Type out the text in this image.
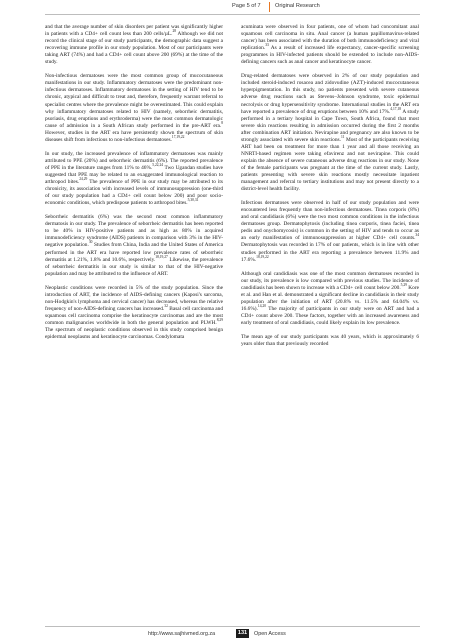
Page 5 of 7	Original Research

and that the average number of skin disorders per patient was significantly higher in patients with a CD4+ cell count less than 200 cells/µL.$^{28}$ Although we did not record the clinical stage of our study participants, the demographic data suggest a recovering immune profile in our study population. Most of our participants were taking ART (74%) and had a CD4+ cell count above 200 (69%) at the time of the study.

Non-infectious dermatoses were the most common group of mucocutaneous manifestations in our study. Inflammatory dermatoses were the predominant non-infectious dermatoses. Inflammatory dermatoses in the setting of HIV tend to be chronic, atypical and difficult to treat and, therefore, frequently warrant referral to specialist centres where the prevalence might be overestimated. This could explain why inflammatory dermatoses related to HIV (namely, seborrheic dermatitis, psoriasis, drug eruptions and erythroderma) were the most common dermatologic cause of admission in a South African study performed in the pre-ART era.$^8$ However, studies in the ART era have persistently shown the spectrum of skin diseases shift from infectious to non-infectious dermatoses.$^{17,19,22}$

In our study, the increased prevalence of inflammatory dermatoses was mainly attributed to PPE (20%) and seborrheic dermatitis (6%). The reported prevalence of PPE in the literature ranges from 11% to 46%.$^{5,22,24}$ Two Ugandan studies have suggested that PPE may be related to an exaggerated immunological reaction to arthropod bites.$^{24,29}$ The prevalence of PPE in our study may be attributed to its chronicity, its association with increased levels of immunosuppression (one-third of our study population had a CD4+ cell count below 200) and poor socio-economic conditions, which predispose patients to arthropod bites.$^{5,30,31}$

Seborrheic dermatitis (6%) was the second most common inflammatory dermatosis in our study. The prevalence of seborrheic dermatitis has been reported to be 40% in HIV-positive patients and as high as 80% in acquired immunodeficiency syndrome (AIDS) patients in comparison with 3% in the HIV-negative population.$^{30}$ Studies from China, India and the United States of America performed in the ART era have reported low prevalence rates of seborrheic dermatitis at 1.21%, 1.8% and 10.6%, respectively.$^{18,19,27}$ Likewise, the prevalence of seborrheic dermatitis in our study is similar to that of the HIV-negative population and may be attributed to the influence of ART.

Neoplastic conditions were recorded in 5% of the study population. Since the introduction of ART, the incidence of AIDS-defining cancers (Kaposi's sarcoma, non-Hodgkin's lymphoma and cervical cancer) has decreased, whereas the relative frequency of non-AIDS-defining cancers has increased.$^{32}$ Basal cell carcinoma and squamous cell carcinoma comprise the keratinocyte carcinomas and are the most common malignancies worldwide in both the general population and PLWH.$^{8,29}$ The spectrum of neoplastic conditions observed in this study comprised benign epidermal neoplasms and keratinocyte carcinomas. Condylomata

acuminata were observed in four patients, one of whom had concomitant anal squamous cell carcinoma in situ. Anal cancer (a human papillomavirus-related cancer) has been associated with the duration of both immunodeficiency and viral replication.$^{33}$ As a result of increased life expectancy, cancer-specific screening programmes in HIV-infected patients should be extended to include non-AIDS-defining cancers such as anal cancer and keratinocyte cancer.

Drug-related dermatoses were observed in 2% of our study population and included steroid-induced rosacea and zidovudine (AZT)-induced mucocutaneous hyperpigmentation. In this study, no patients presented with severe cutaneous adverse drug reactions such as Stevens–Johnson syndrome, toxic epidermal necrolysis or drug hypersensitivity syndrome. International studies in the ART era have reported a prevalence of drug eruptions between 10% and 17%.$^{4,17,18}$ A study performed in a tertiary hospital in Cape Town, South Africa, found that most severe skin reactions resulting in admission occurred during the first 2 months after combination ART initiation. Nevirapine and pregnancy are also known to be strongly associated with severe skin reactions.$^{11}$ Most of the participants receiving ART had been on treatment for more than 1 year and all those receiving an NNRTI-based regimen were taking efavirenz and not nevirapine. This could explain the absence of severe cutaneous adverse drug reactions in our study. None of the female participants was pregnant at the time of the current study. Lastly, patients presenting with severe skin reactions mostly necessitate inpatient management and referral to tertiary institutions and may not present directly to a district-level health facility.

Infectious dermatoses were observed in half of our study population and were encountered less frequently than non-infectious dermatoses. Tinea corporis (8%) and oral candidiasis (6%) were the two most common conditions in the infectious dermatoses group. Dermatophytosis (including tinea corporis, tinea faciei, tinea pedis and onychomycosis) is common in the setting of HIV and tends to occur as an early manifestation of immunosuppression at higher CD4+ cell counts.$^{34}$ Dermatophytosis was recorded in 17% of our patients, which is in line with other studies performed in the ART era reporting a prevalence between 11.9% and 17.6%.$^{18,19,22}$

Although oral candidiasis was one of the most common dermatoses recorded in our study, its prevalence is low compared with previous studies. The incidence of candidiasis has been shown to increase with a CD4+ cell count below 200.$^{5,29}$ Kore et al. and Han et al. demonstrated a significant decline in candidiasis in their study population after the initiation of ART (20.8% vs. 11.5% and 64.04% vs. 16.6%).$^{14,20}$ The majority of participants in our study were on ART and had a CD4+ count above 200. These factors, together with an increased awareness and early treatment of oral candidiasis, could likely explain its low prevalence.

The mean age of our study participants was 40 years, which is approximately 6 years older than that previously recorded

http://www.sajhivmed.org.za	131	Open Access
